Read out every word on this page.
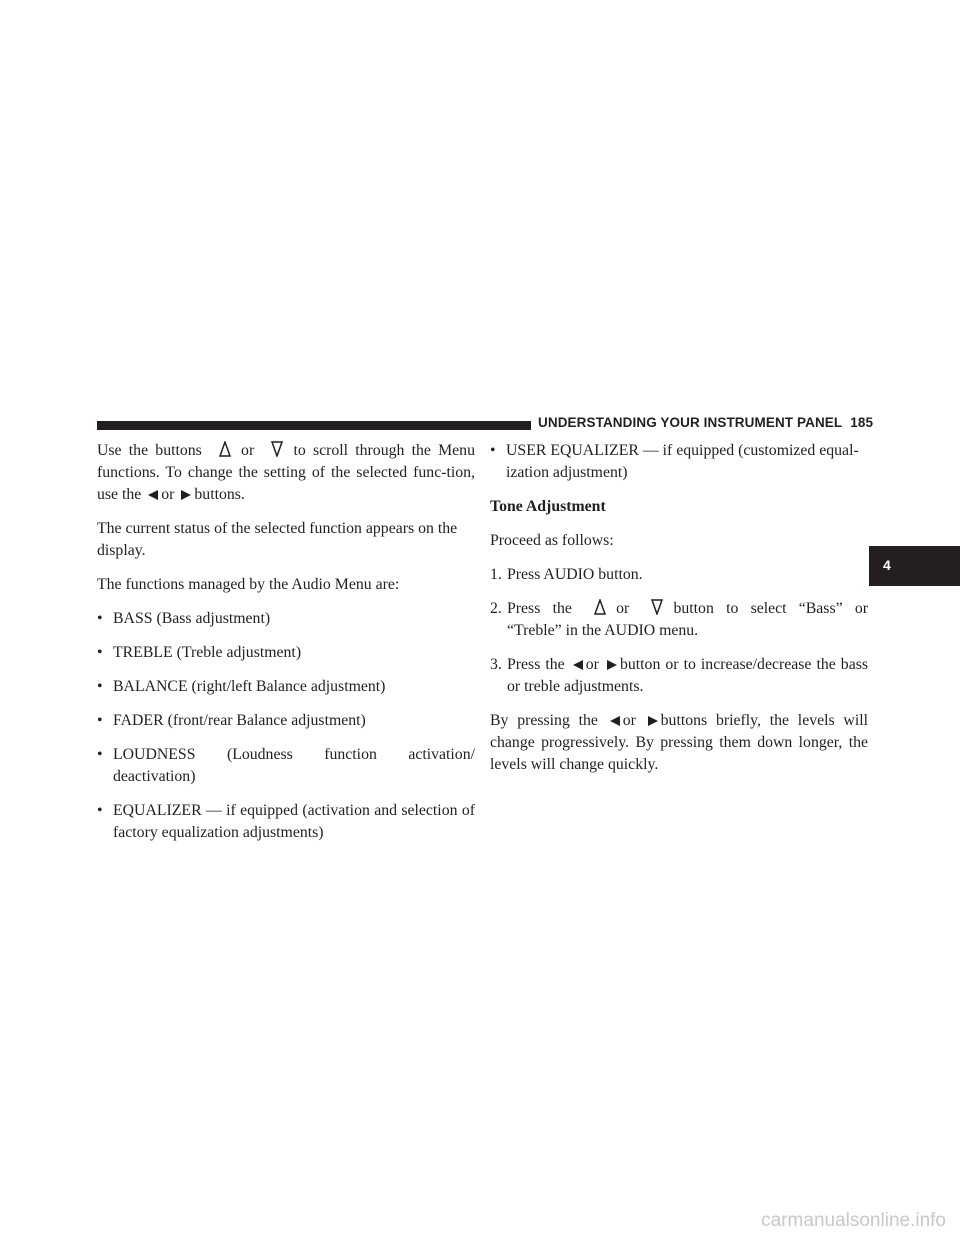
UNDERSTANDING YOUR INSTRUMENT PANEL 185

Use the buttons or to scroll through the Menu functions. To change the setting of the selected func-tion, use the or buttons.

The current status of the selected function appears on the display.

The functions managed by the Audio Menu are:

• BASS (Bass adjustment)
• TREBLE (Treble adjustment)
• BALANCE (right/left Balance adjustment)
• FADER (front/rear Balance adjustment)
• LOUDNESS (Loudness function activation/ deactivation)
• EQUALIZER — if equipped (activation and selection of factory equalization adjustments)
• USER EQUALIZER — if equipped (customized equal-ization adjustment)

Tone Adjustment

Proceed as follows:

1. Press AUDIO button.
2. Press the	or	button to select “Bass” or “Treble” in the AUDIO menu.
3. Press the or button or to increase/decrease the bass or treble adjustments.

By pressing the or buttons briefly, the levels will change progressively. By pressing them down longer, the levels will change quickly.

4
carmanualsonline.info
